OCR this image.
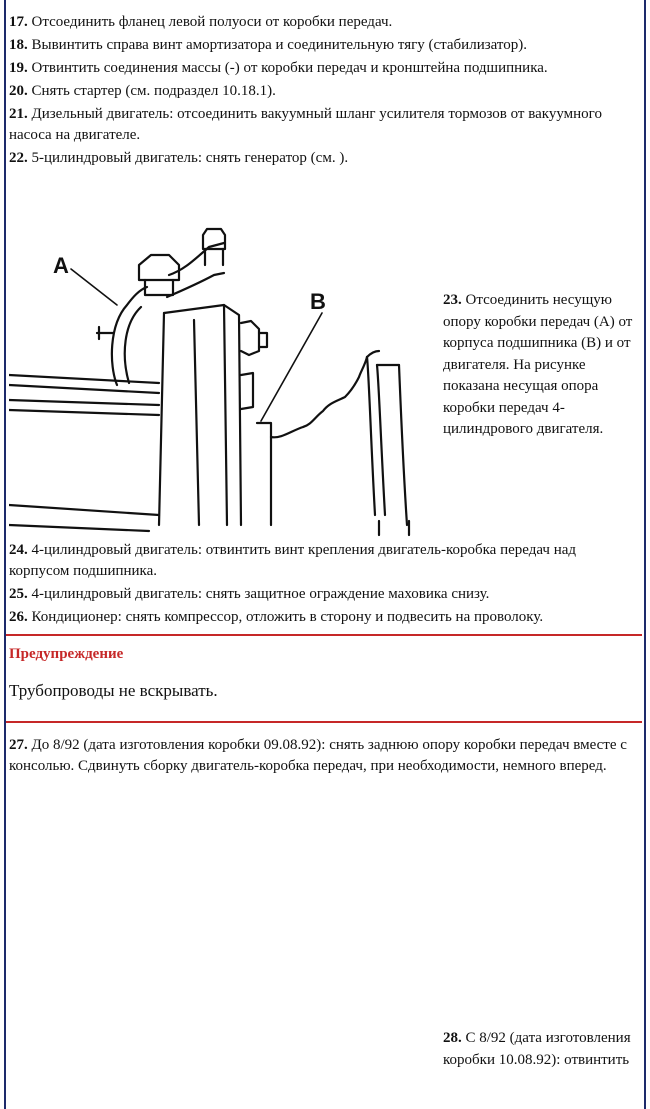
17. Отсоединить фланец левой полуоси от коробки передач.

18. Вывинтить справа винт амортизатора и соединительную тягу (стабилизатор).

19. Отвинтить соединения массы (-) от коробки передач и кронштейна подшипника.

20. Снять стартер (см. подраздел 10.18.1).

21. Дизельный двигатель: отсоединить вакуумный шланг усилителя тормозов от вакуумного насоса на двигателе.

22. 5-цилиндровый двигатель: снять генератор (см. ).

A
B	23. Отсоединить несущую опору коробки передач (А) от корпуса подшипника (В) и от двигателя. На рисунке показана несущая опора коробки передач 4-цилиндрового двигателя.

24. 4-цилиндровый двигатель: отвинтить винт крепления двигатель-коробка передач над корпусом подшипника.

25. 4-цилиндровый двигатель: снять защитное ограждение маховика снизу.

26. Кондиционер: снять компрессор, отложить в сторону и подвесить на проволоку.

Предупреждение
Трубопроводы не вскрывать.

27. До 8/92 (дата изготовления коробки 09.08.92): снять заднюю опору коробки передач вместе с консолью. Сдвинуть сборку двигатель-коробка передач, при необходимости, немного вперед.

28. С 8/92 (дата изготовления коробки 10.08.92): отвинтить
